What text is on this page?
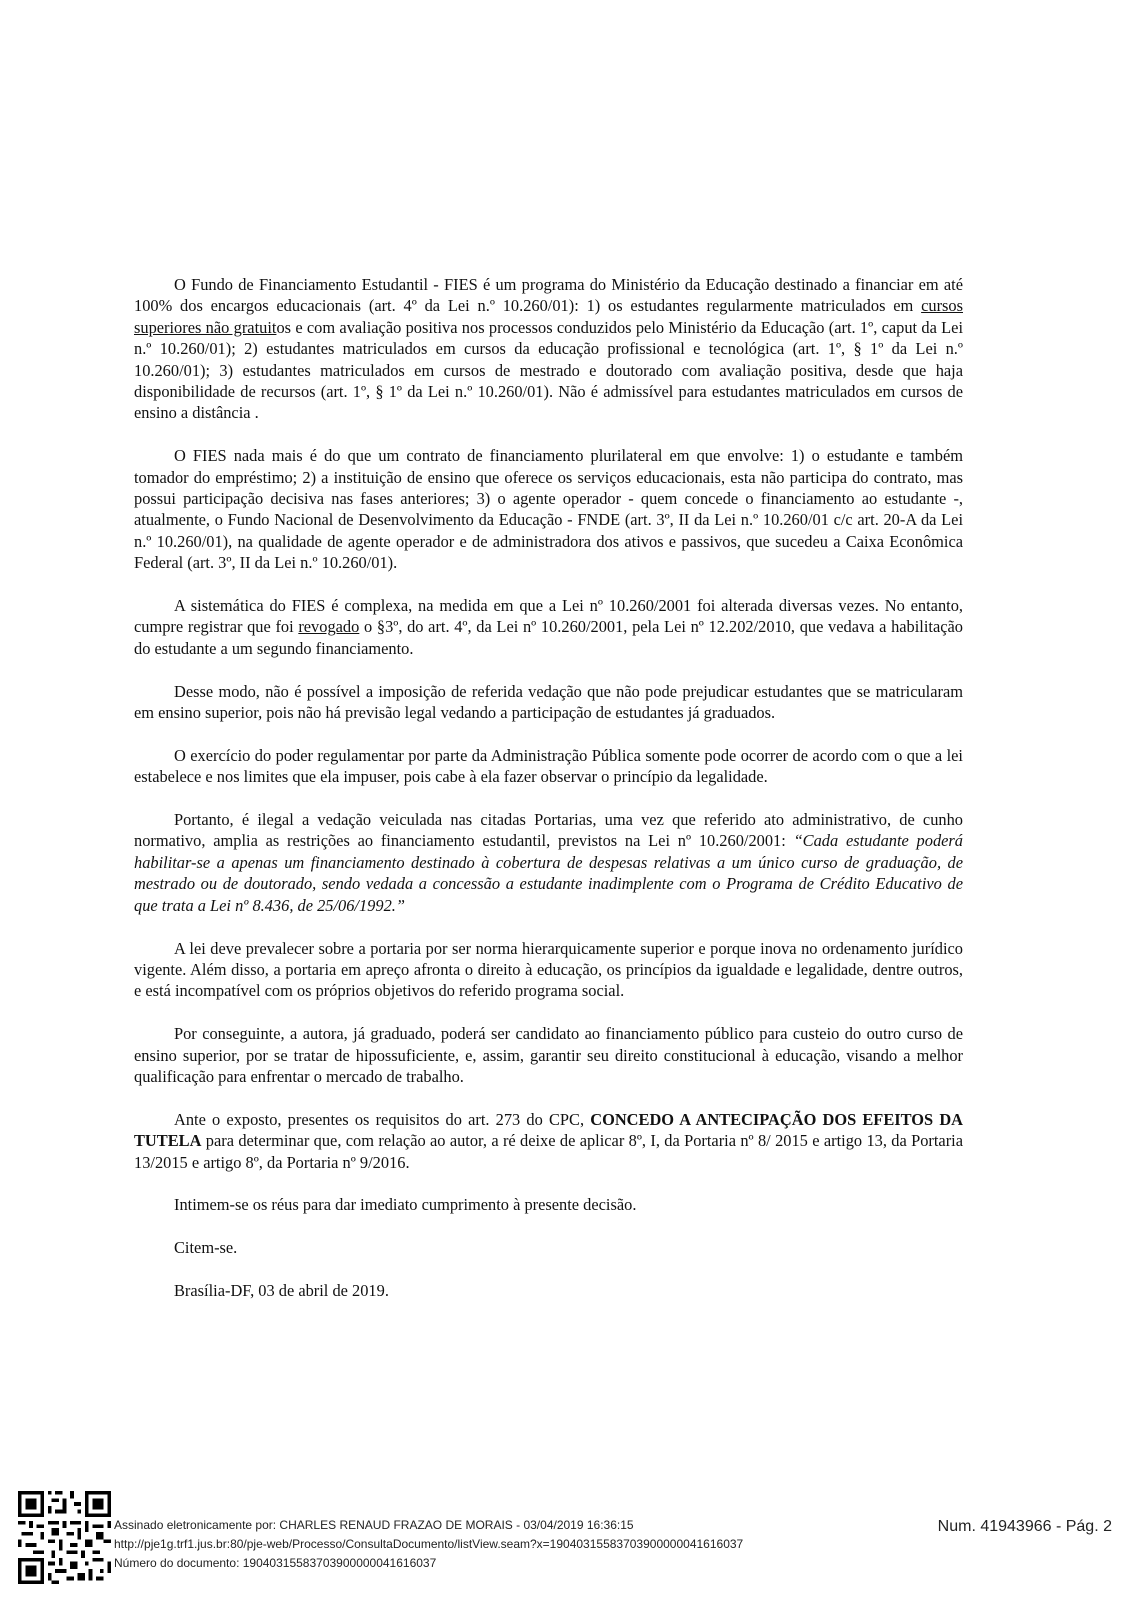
O Fundo de Financiamento Estudantil - FIES é um programa do Ministério da Educação destinado a financiar em até 100% dos encargos educacionais (art. 4º da Lei n.º 10.260/01): 1) os estudantes regularmente matriculados em cursos superiores não gratuitos e com avaliação positiva nos processos conduzidos pelo Ministério da Educação (art. 1º, caput da Lei n.º 10.260/01); 2) estudantes matriculados em cursos da educação profissional e tecnológica (art. 1º, § 1º da Lei n.º 10.260/01); 3) estudantes matriculados em cursos de mestrado e doutorado com avaliação positiva, desde que haja disponibilidade de recursos (art. 1º, § 1º da Lei n.º 10.260/01). Não é admissível para estudantes matriculados em cursos de ensino a distância .

O FIES nada mais é do que um contrato de financiamento plurilateral em que envolve: 1) o estudante e também tomador do empréstimo; 2) a instituição de ensino que oferece os serviços educacionais, esta não participa do contrato, mas possui participação decisiva nas fases anteriores; 3) o agente operador - quem concede o financiamento ao estudante -, atualmente, o Fundo Nacional de Desenvolvimento da Educação - FNDE (art. 3º, II da Lei n.º 10.260/01 c/c art. 20-A da Lei n.º 10.260/01), na qualidade de agente operador e de administradora dos ativos e passivos, que sucedeu a Caixa Econômica Federal (art. 3º, II da Lei n.º 10.260/01).

A sistemática do FIES é complexa, na medida em que a Lei nº 10.260/2001 foi alterada diversas vezes. No entanto, cumpre registrar que foi revogado o §3º, do art. 4º, da Lei nº 10.260/2001, pela Lei nº 12.202/2010, que vedava a habilitação do estudante a um segundo financiamento.

Desse modo, não é possível a imposição de referida vedação que não pode prejudicar estudantes que se matricularam em ensino superior, pois não há previsão legal vedando a participação de estudantes já graduados.

O exercício do poder regulamentar por parte da Administração Pública somente pode ocorrer de acordo com o que a lei estabelece e nos limites que ela impuser, pois cabe à ela fazer observar o princípio da legalidade.

Portanto, é ilegal a vedação veiculada nas citadas Portarias, uma vez que referido ato administrativo, de cunho normativo, amplia as restrições ao financiamento estudantil, previstos na Lei nº 10.260/2001: “Cada estudante poderá habilitar-se a apenas um financiamento destinado à cobertura de despesas relativas a um único curso de graduação, de mestrado ou de doutorado, sendo vedada a concessão a estudante inadimplente com o Programa de Crédito Educativo de que trata a Lei nº 8.436, de 25/06/1992.”

A lei deve prevalecer sobre a portaria por ser norma hierarquicamente superior e porque inova no ordenamento jurídico vigente. Além disso, a portaria em apreço afronta o direito à educação, os princípios da igualdade e legalidade, dentre outros, e está incompatível com os próprios objetivos do referido programa social.

Por conseguinte, a autora, já graduado, poderá ser candidato ao financiamento público para custeio do outro curso de ensino superior, por se tratar de hipossuficiente, e, assim, garantir seu direito constitucional à educação, visando a melhor qualificação para enfrentar o mercado de trabalho.

Ante o exposto, presentes os requisitos do art. 273 do CPC, CONCEDO A ANTECIPAÇÃO DOS EFEITOS DA TUTELA para determinar que, com relação ao autor, a ré deixe de aplicar 8º, I, da Portaria nº 8/ 2015 e artigo 13, da Portaria 13/2015 e artigo 8º, da Portaria nº 9/2016.

Intimem-se os réus para dar imediato cumprimento à presente decisão.

Citem-se.

Brasília-DF, 03 de abril de 2019.

Assinado eletronicamente por: CHARLES RENAUD FRAZAO DE MORAIS - 03/04/2019 16:36:15
http://pje1g.trf1.jus.br:80/pje-web/Processo/ConsultaDocumento/listView.seam?x=19040315583703900000041616037
Número do documento: 19040315583703900000041616037
Num. 41943966 - Pág. 2
